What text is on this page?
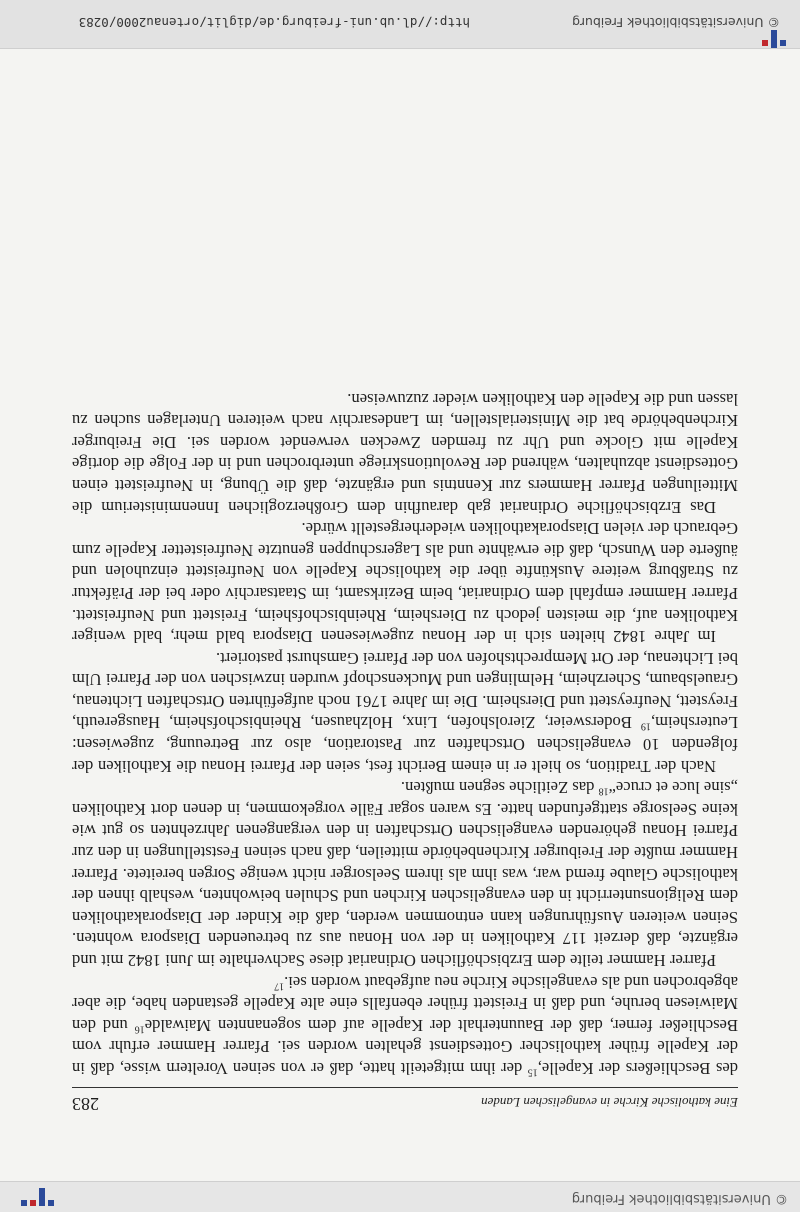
© Universitätsbibliothek Freiburg
Eine katholische Kirche in evangelischen Landen
283

des Beschließers der Kapelle,$^{15}$ der ihm mitgeteilt hatte, daß er von seinen Voreltern wisse, daß in der Kapelle früher katholischer Gottesdienst gehalten worden sei. Pfarrer Hammer erfuhr vom Beschließer ferner, daß der Bauunterhalt der Kapelle auf dem sogenannten Maiwalde$^{16}$ und den Maiwiesen beruhe, und daß in Freistett früher ebenfalls eine alte Kapelle gestanden habe, die aber abgebrochen und als evangelische Kirche neu aufgebaut worden sei.$^{17}$

Pfarrer Hammer teilte dem Erzbischöflichen Ordinariat diese Sachverhalte im Juni 1842 mit und ergänzte, daß derzeit 117 Katholiken in der von Honau aus zu betreuenden Diaspora wohnten. Seinen weiteren Ausführungen kann entnommen werden, daß die Kinder der Diasporakatholiken dem Religionsunterricht in den evangelischen Kirchen und Schulen beiwohnten, weshalb ihnen der katholische Glaube fremd war, was ihm als ihrem Seelsorger nicht wenige Sorgen bereitete. Pfarrer Hammer mußte der Freiburger Kirchenbehörde mitteilen, daß nach seinen Feststellungen in den zur Pfarrei Honau gehörenden evangelischen Ortschaften in den vergangenen Jahrzehnten so gut wie keine Seelsorge stattgefunden hatte. Es waren sogar Fälle vorgekommen, in denen dort Katholiken „sine luce et cruce“$^{18}$ das Zeitliche segnen mußten.

Nach der Tradition, so hielt er in einem Bericht fest, seien der Pfarrei Honau die Katholiken der folgenden 10 evangelischen Ortschaften zur Pastoration, also zur Betreuung, zugewiesen: Leutersheim,$^{19}$ Bodersweier, Zierolshofen, Linx, Holzhausen, Rheinbischofsheim, Hausgereuth, Freystett, Neufreystett und Diersheim. Die im Jahre 1761 noch aufgeführten Ortschaften Lichtenau, Grauelsbaum, Scherzheim, Helmlingen und Muckenschopf wurden inzwischen von der Pfarrei Ulm bei Lichtenau, der Ort Memprechtshofen von der Pfarrei Gamshurst pastoriert.

Im Jahre 1842 hielten sich in der Honau zugewiesenen Diaspora bald mehr, bald weniger Katholiken auf, die meisten jedoch zu Diersheim, Rheinbischofsheim, Freistett und Neufreistett. Pfarrer Hammer empfahl dem Ordinariat, beim Bezirksamt, im Staatsarchiv oder bei der Präfektur zu Straßburg weitere Auskünfte über die katholische Kapelle von Neufreistett einzuholen und äußerte den Wunsch, daß die erwähnte und als Lagerschuppen genutzte Neufreistetter Kapelle zum Gebrauch der vielen Diasporakatholiken wiederhergestellt würde.

Das Erzbischöfliche Ordinariat gab daraufhin dem Großherzoglichen Innenministerium die Mitteilungen Pfarrer Hammers zur Kenntnis und ergänzte, daß die Übung, in Neufreistett einen Gottesdienst abzuhalten, während der Revolutionskriege unterbrochen und in der Folge die dortige Kapelle mit Glocke und Uhr zu fremden Zwecken verwendet worden sei. Die Freiburger Kirchenbehörde bat die Ministerialstellen, im Landesarchiv nach weiteren Unterlagen suchen zu lassen und die Kapelle den Katholiken wieder zuzuweisen.

© Universitätsbibliothek Freiburg
http://dl.ub.uni-freiburg.de/diglit/ortenau2000/0283
